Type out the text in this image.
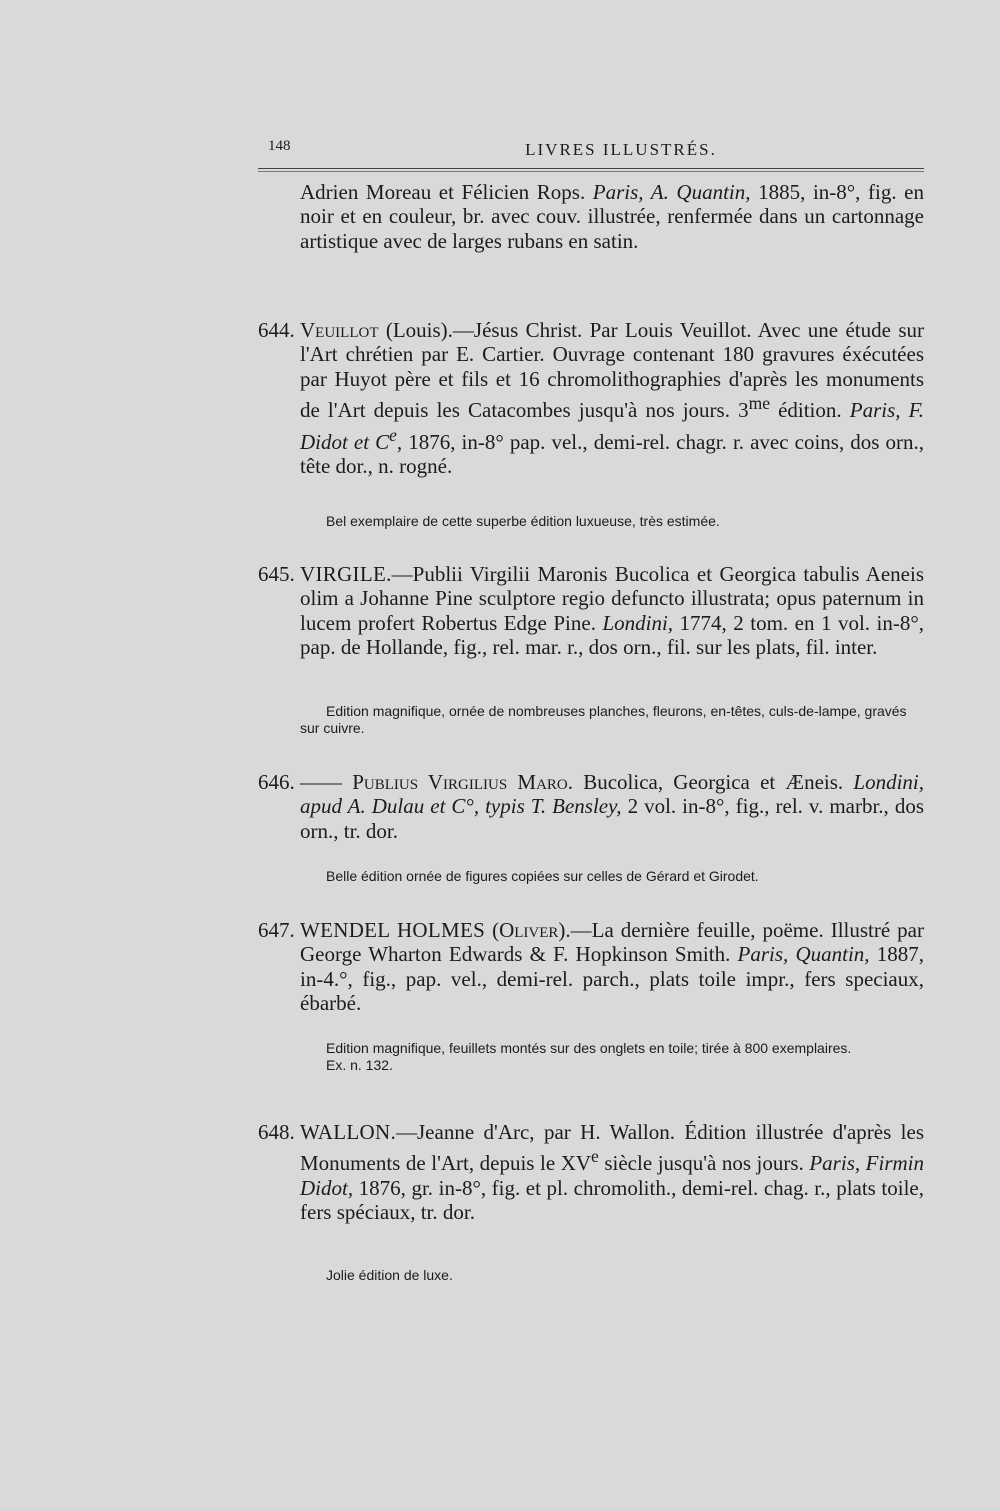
148	LIVRES ILLUSTRÉS.
Adrien Moreau et Félicien Rops. Paris, A. Quantin, 1885, in-8°, fig. en noir et en couleur, br. avec couv. illustrée, renfermée dans un cartonnage artistique avec de larges rubans en satin.
644. Veuillot (Louis).—Jésus Christ. Par Louis Veuillot. Avec une étude sur l'Art chrétien par E. Cartier. Ouvrage contenant 180 gravures éxécutées par Huyot père et fils et 16 chromolithographies d'après les monuments de l'Art depuis les Catacombes jusqu'à nos jours. $3^{me}$ édition. Paris, F. Didot et Ce, 1876, in-8° pap. vel., demi-rel. chagr. r. avec coins, dos orn., tête dor., n. rogné.
Bel exemplaire de cette superbe édition luxueuse, très estimée.
645. VIRGILE.—Publii Virgilii Maronis Bucolica et Georgica tabulis Aeneis olim a Johanne Pine sculptore regio defuncto illustrata; opus paternum in lucem profert Robertus Edge Pine. Londini, 1774, 2 tom. en 1 vol. in-8°, pap. de Hollande, fig., rel. mar. r., dos orn., fil. sur les plats, fil. inter.
Edition magnifique, ornée de nombreuses planches, fleurons, en-têtes, culs-de-lampe, gravés sur cuivre.
646. —— Publius Virgilius Maro. Bucolica, Georgica et Æneis. Londini, apud A. Dulau et C°, typis T. Bensley, 2 vol. in-8°, fig., rel. v. marbr., dos orn., tr. dor.
Belle édition ornée de figures copiées sur celles de Gérard et Girodet.
647. WENDEL HOLMES (Oliver).—La dernière feuille, poëme. Illustré par George Wharton Edwards & F. Hopkinson Smith. Paris, Quantin, 1887, in-4.°, fig., pap. vel., demi-rel. parch., plats toile impr., fers speciaux, ébarbé.
Edition magnifique, feuillets montés sur des onglets en toile; tirée à 800 exemplaires.
Ex. n. 132.
648. WALLON.—Jeanne d'Arc, par H. Wallon. Édition illustrée d'après les Monuments de l'Art, depuis le XVe siècle jusqu'à nos jours. Paris, Firmin Didot, 1876, gr. in-8°, fig. et pl. chromolith., demi-rel. chag. r., plats toile, fers spéciaux, tr. dor.
Jolie édition de luxe.
